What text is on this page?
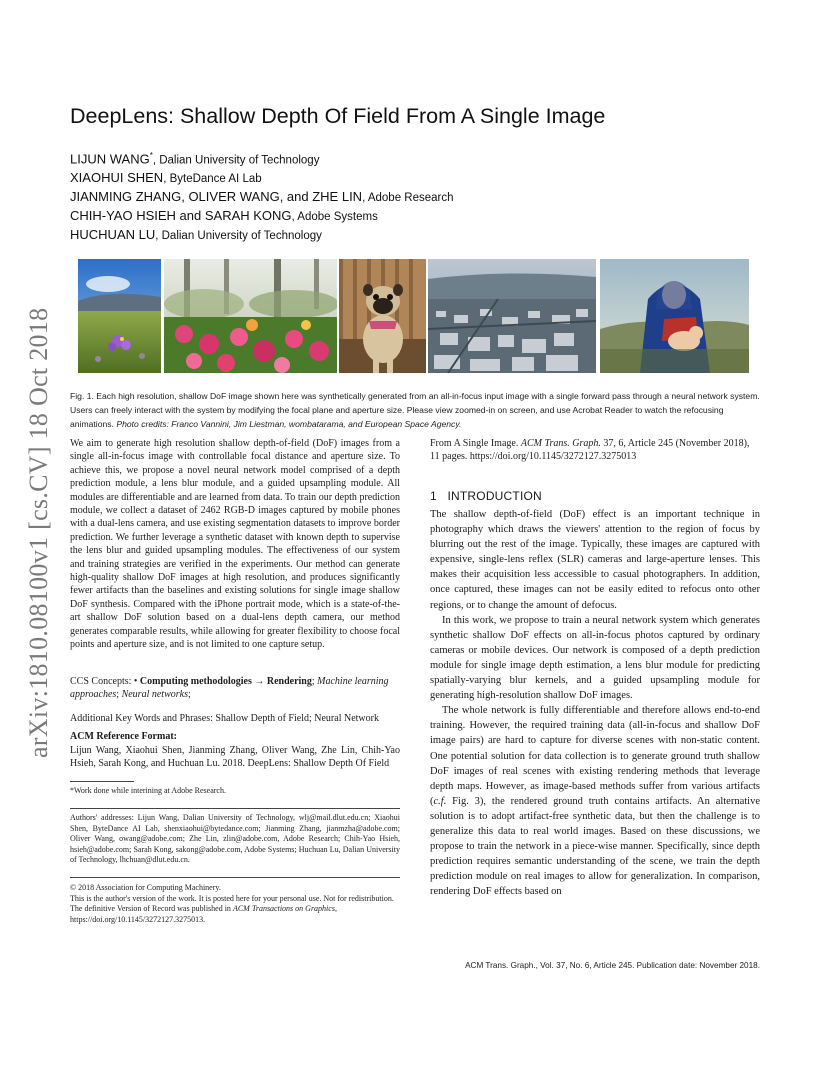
arXiv:1810.08100v1 [cs.CV] 18 Oct 2018
DeepLens: Shallow Depth Of Field From A Single Image
LIJUN WANG*, Dalian University of Technology
XIAOHUI SHEN, ByteDance AI Lab
JIANMING ZHANG, OLIVER WANG, and ZHE LIN, Adobe Research
CHIH-YAO HSIEH and SARAH KONG, Adobe Systems
HUCHUAN LU, Dalian University of Technology
Fig. 1. Each high resolution, shallow DoF image shown here was synthetically generated from an all-in-focus input image with a single forward pass through a neural network system. Users can freely interact with the system by modifying the focal plane and aperture size. Please view zoomed-in on screen, and use Acrobat Reader to watch the refocusing animations. Photo credits: Franco Vannini, Jim Liestman, wombatarama, and European Space Agency.
We aim to generate high resolution shallow depth-of-field (DoF) images from a single all-in-focus image with controllable focal distance and aperture size. To achieve this, we propose a novel neural network model comprised of a depth prediction module, a lens blur module, and a guided upsampling module. All modules are differentiable and are learned from data. To train our depth prediction module, we collect a dataset of 2462 RGB-D images captured by mobile phones with a dual-lens camera, and use existing segmentation datasets to improve border prediction. We further leverage a synthetic dataset with known depth to supervise the lens blur and guided upsampling modules. The effectiveness of our system and training strategies are verified in the experiments. Our method can generate high-quality shallow DoF images at high resolution, and produces significantly fewer artifacts than the baselines and existing solutions for single image shallow DoF synthesis. Compared with the iPhone portrait mode, which is a state-of-the-art shallow DoF solution based on a dual-lens depth camera, our method generates comparable results, while allowing for greater flexibility to choose focal points and aperture size, and is not limited to one capture setup.
CCS Concepts: • Computing methodologies → Rendering; Machine learning approaches; Neural networks;
Additional Key Words and Phrases: Shallow Depth of Field; Neural Network
ACM Reference Format:
Lijun Wang, Xiaohui Shen, Jianming Zhang, Oliver Wang, Zhe Lin, Chih-Yao Hsieh, Sarah Kong, and Huchuan Lu. 2018. DeepLens: Shallow Depth Of Field
*Work done while interining at Adobe Research.
Authors' addresses: Lijun Wang, Dalian University of Technology, wlj@mail.dlut.edu.cn; Xiaohui Shen, ByteDance AI Lab, shenxiaohui@bytedance.com; Jianming Zhang, jianmzha@adobe.com; Oliver Wang, owang@adobe.com; Zhe Lin, zlin@adobe.com, Adobe Research; Chih-Yao Hsieh, hsieh@adobe.com; Sarah Kong, sakong@adobe.com, Adobe Systems; Huchuan Lu, Dalian University of Technology, lhchuan@dlut.edu.cn.
© 2018 Association for Computing Machinery.
This is the author's version of the work. It is posted here for your personal use. Not for redistribution. The definitive Version of Record was published in ACM Transactions on Graphics, https://doi.org/10.1145/3272127.3275013.
From A Single Image. ACM Trans. Graph. 37, 6, Article 245 (November 2018), 11 pages. https://doi.org/10.1145/3272127.3275013
1 INTRODUCTION

The shallow depth-of-field (DoF) effect is an important technique in photography which draws the viewers' attention to the region of focus by blurring out the rest of the image. Typically, these images are captured with expensive, single-lens reflex (SLR) cameras and large-aperture lenses. This makes their acquisition less accessible to casual photographers. In addition, once captured, these images can not be easily edited to refocus onto other regions, or to change the amount of defocus.

In this work, we propose to train a neural network system which generates synthetic shallow DoF effects on all-in-focus photos captured by ordinary cameras or mobile devices. Our network is composed of a depth prediction module for single image depth estimation, a lens blur module for predicting spatially-varying blur kernels, and a guided upsampling module for generating high-resolution shallow DoF images.

The whole network is fully differentiable and therefore allows end-to-end training. However, the required training data (all-in-focus and shallow DoF image pairs) are hard to capture for diverse scenes with non-static content. One potential solution for data collection is to generate ground truth shallow DoF images of real scenes with existing rendering methods that leverage depth maps. However, as image-based methods suffer from various artifacts (c.f. Fig. 3), the rendered ground truth contains artifacts. An alternative solution is to adopt artifact-free synthetic data, but then the challenge is to generalize this data to real world images. Based on these discussions, we propose to train the network in a piece-wise manner. Specifically, since depth prediction requires semantic understanding of the scene, we train the depth prediction module on real images to allow for generalization. In comparison, rendering DoF effects based on

ACM Trans. Graph., Vol. 37, No. 6, Article 245. Publication date: November 2018.
